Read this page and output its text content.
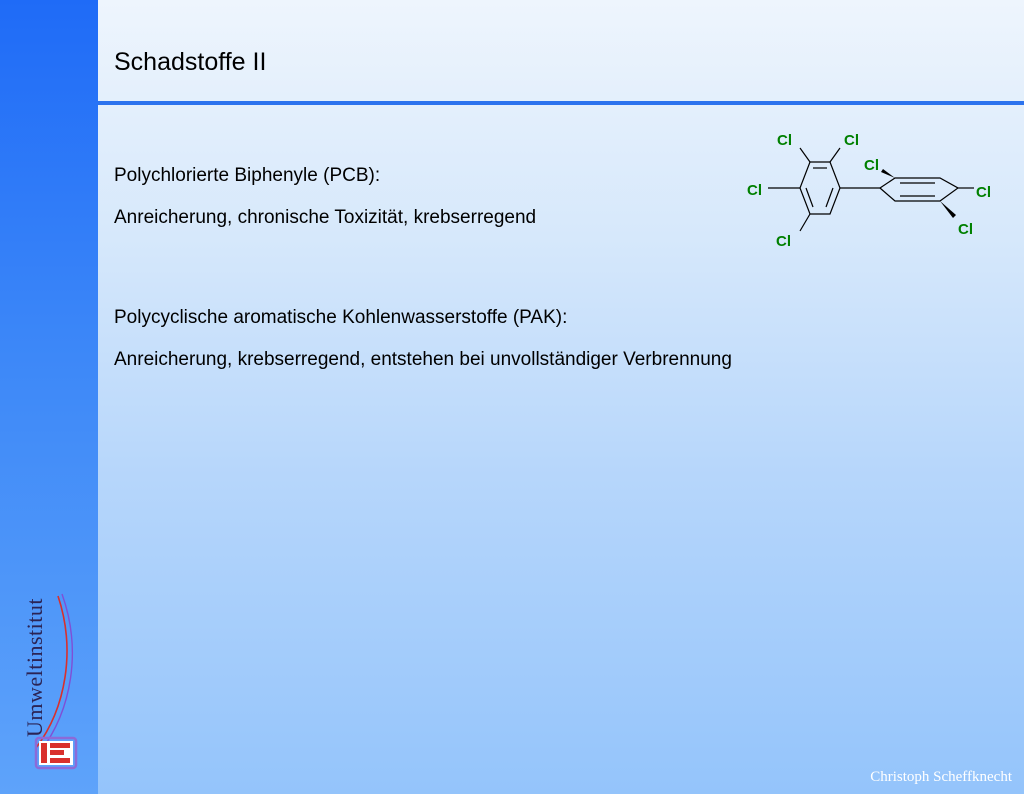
Umweltinstitut
Schadstoffe II
Polychlorierte Biphenyle (PCB):
Anreicherung, chronische Toxizität, krebserregend
Polycyclische aromatische Kohlenwasserstoffe (PAK):
Anreicherung, krebserregend, entstehen bei unvollständiger Verbrennung
Cl	Cl
Cl
Cl	Cl
Cl
Cl
Christoph Scheffknecht
